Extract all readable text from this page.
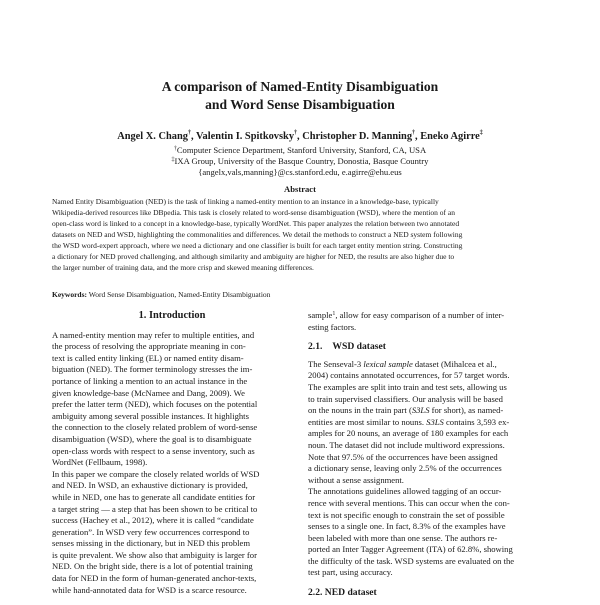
A comparison of Named-Entity Disambiguation
and Word Sense Disambiguation
Angel X. Chang†, Valentin I. Spitkovsky†, Christopher D. Manning†, Eneko Agirre‡
†Computer Science Department, Stanford University, Stanford, CA, USA
‡IXA Group, University of the Basque Country, Donostia, Basque Country
{angelx,vals,manning}@cs.stanford.edu, e.agirre@ehu.eus
Abstract
Named Entity Disambiguation (NED) is the task of linking a named-entity mention to an instance in a knowledge-base, typically
Wikipedia-derived resources like DBpedia. This task is closely related to word-sense disambiguation (WSD), where the mention of an
open-class word is linked to a concept in a knowledge-base, typically WordNet. This paper analyzes the relation between two annotated
datasets on NED and WSD, highlighting the commonalities and differences. We detail the methods to construct a NED system following
the WSD word-expert approach, where we need a dictionary and one classifier is built for each target entity mention string. Constructing
a dictionary for NED proved challenging, and although similarity and ambiguity are higher for NED, the results are also higher due to
the larger number of training data, and the more crisp and skewed meaning differences.
Keywords: Word Sense Disambiguation, Named-Entity Disambiguation
1. Introduction
A named-entity mention may refer to multiple entities, and
the process of resolving the appropriate meaning in con-
text is called entity linking (EL) or named entity disam-
biguation (NED). The former terminology stresses the im-
portance of linking a mention to an actual instance in the
given knowledge-base (McNamee and Dang, 2009). We
prefer the latter term (NED), which focuses on the potential
ambiguity among several possible instances. It highlights
the connection to the closely related problem of word-sense
disambiguation (WSD), where the goal is to disambiguate
open-class words with respect to a sense inventory, such as
WordNet (Fellbaum, 1998).
In this paper we compare the closely related worlds of WSD
and NED. In WSD, an exhaustive dictionary is provided,
while in NED, one has to generate all candidate entities for
a target string — a step that has been shown to be critical to
success (Hachey et al., 2012), where it is called “candidate
generation”. In WSD very few occurrences correspond to
senses missing in the dictionary, but in NED this problem
is quite prevalent. We show also that ambiguity is larger for
NED. On the bright side, there is a lot of potential training
data for NED in the form of human-generated anchor-texts,
while hand-annotated data for WSD is a scarce resource.
sample$^1$, allow for easy comparison of a number of inter-
esting factors.
2.1. WSD dataset
The Senseval-3 lexical sample dataset (Mihalcea et al.,
2004) contains annotated occurrences, for 57 target words.
The examples are split into train and test sets, allowing us
to train supervised classifiers. Our analysis will be based
on the nouns in the train part (S3LS for short), as named-
entities are most similar to nouns. S3LS contains 3,593 ex-
amples for 20 nouns, an average of 180 examples for each
noun. The dataset did not include multiword expressions.
Note that 97.5% of the occurrences have been assigned
a dictionary sense, leaving only 2.5% of the occurrences
without a sense assignment.
The annotations guidelines allowed tagging of an occur-
rence with several mentions. This can occur when the con-
text is not specific enough to constrain the set of possible
senses to a single one. In fact, 8.3% of the examples have
been labeled with more than one sense. The authors re-
ported an Inter Tagger Agreement (ITA) of 62.8%, showing
the difficulty of the task. WSD systems are evaluated on the
test part, using accuracy.
2.2. NED dataset
